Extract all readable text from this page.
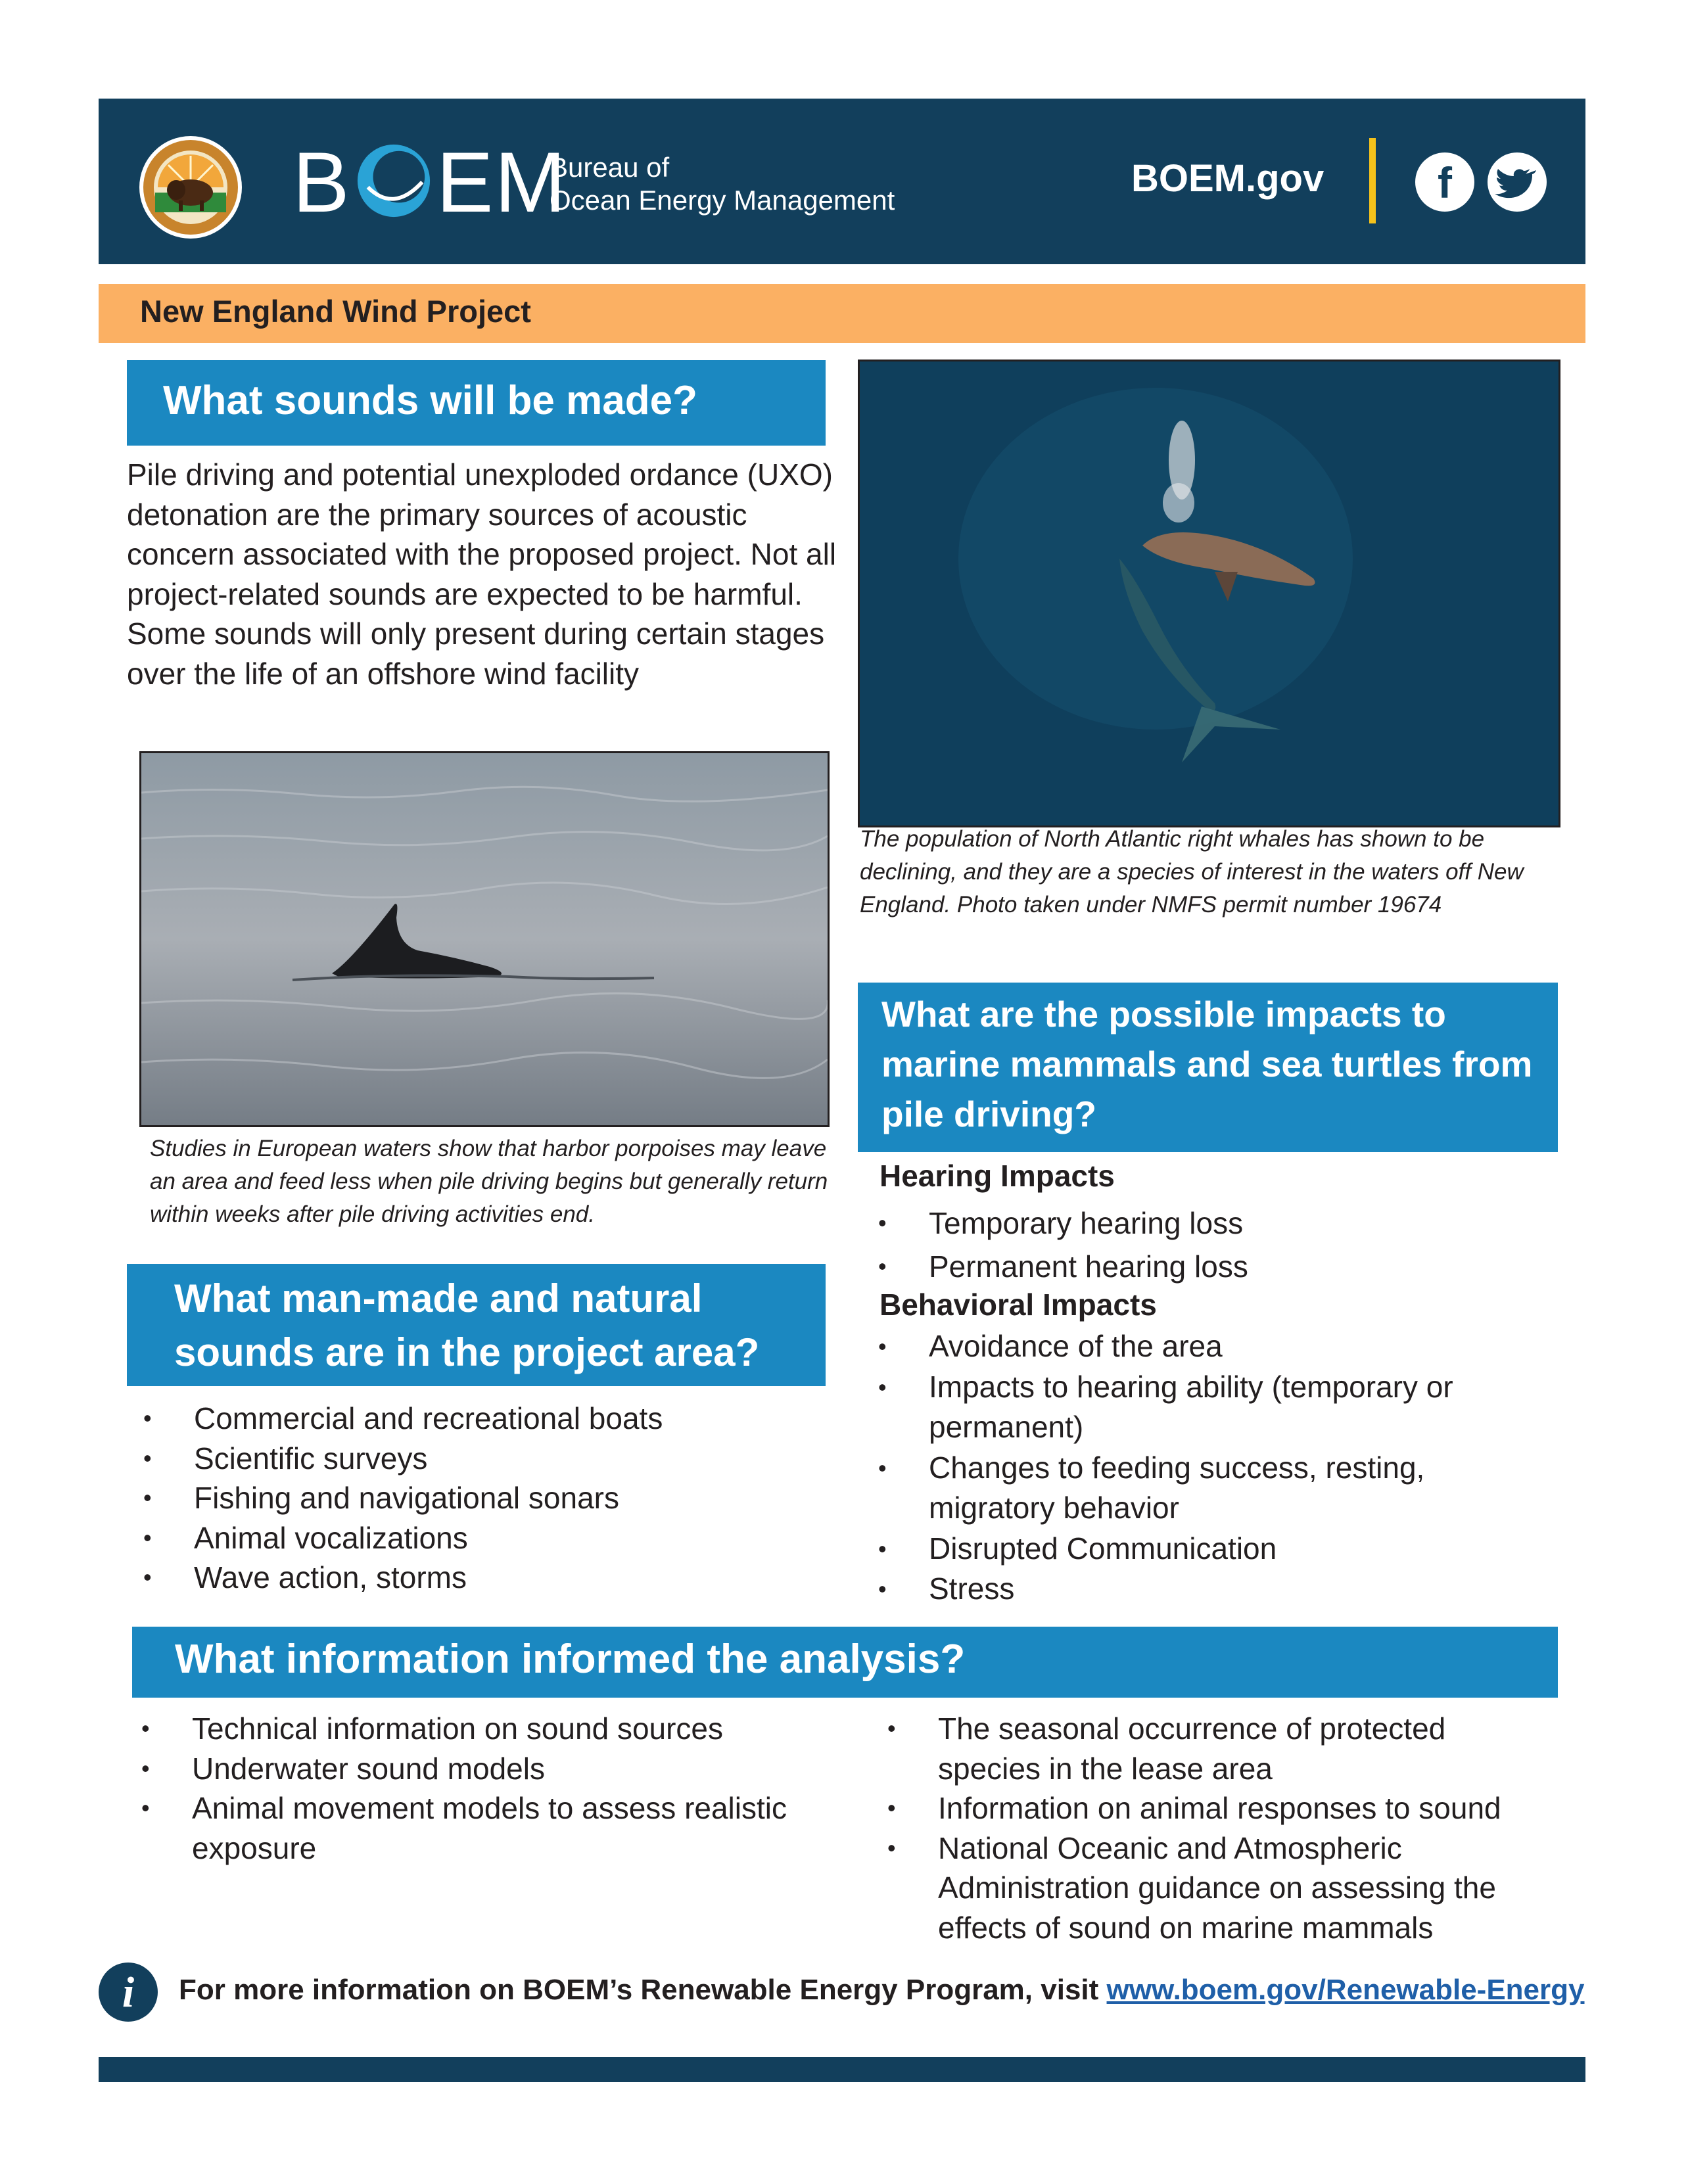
B EM
Bureau of
Ocean Energy Management
BOEM.gov	f
New England Wind Project
What sounds will be made?
Pile driving and potential unexploded ordance (UXO) detonation are the primary sources of acoustic concern associated with the proposed project. Not all project-related sounds are expected to be harmful. Some sounds will only present during certain stages over the life of an offshore wind facility
Studies in European waters show that harbor porpoises may leave an area and feed less when pile driving begins but generally return within weeks after pile driving activities end.
The population of North Atlantic right whales has shown to be declining, and they are a species of interest in the waters off New England. Photo taken under NMFS permit number 19674
What man-made and natural sounds are in the project area?
• Commercial and recreational boats
• Scientific surveys
• Fishing and navigational sonars
• Animal vocalizations
• Wave action, storms
What are the possible impacts to marine mammals and sea turtles from pile driving?
Hearing Impacts
• Temporary hearing loss
• Permanent hearing loss
Behavioral Impacts
• Avoidance of the area
• Impacts to hearing ability (temporary or permanent)
• Changes to feeding success, resting, migratory behavior
• Disrupted Communication
• Stress
What information informed the analysis?
• Technical information on sound sources
• Underwater sound models
• Animal movement models to assess realistic exposure
• The seasonal occurrence of protected species in the lease area
• Information on animal responses to sound
• National Oceanic and Atmospheric Administration guidance on assessing the effects of sound on marine mammals
i	For more information on BOEM’s Renewable Energy Program, visit www.boem.gov/Renewable-Energy
